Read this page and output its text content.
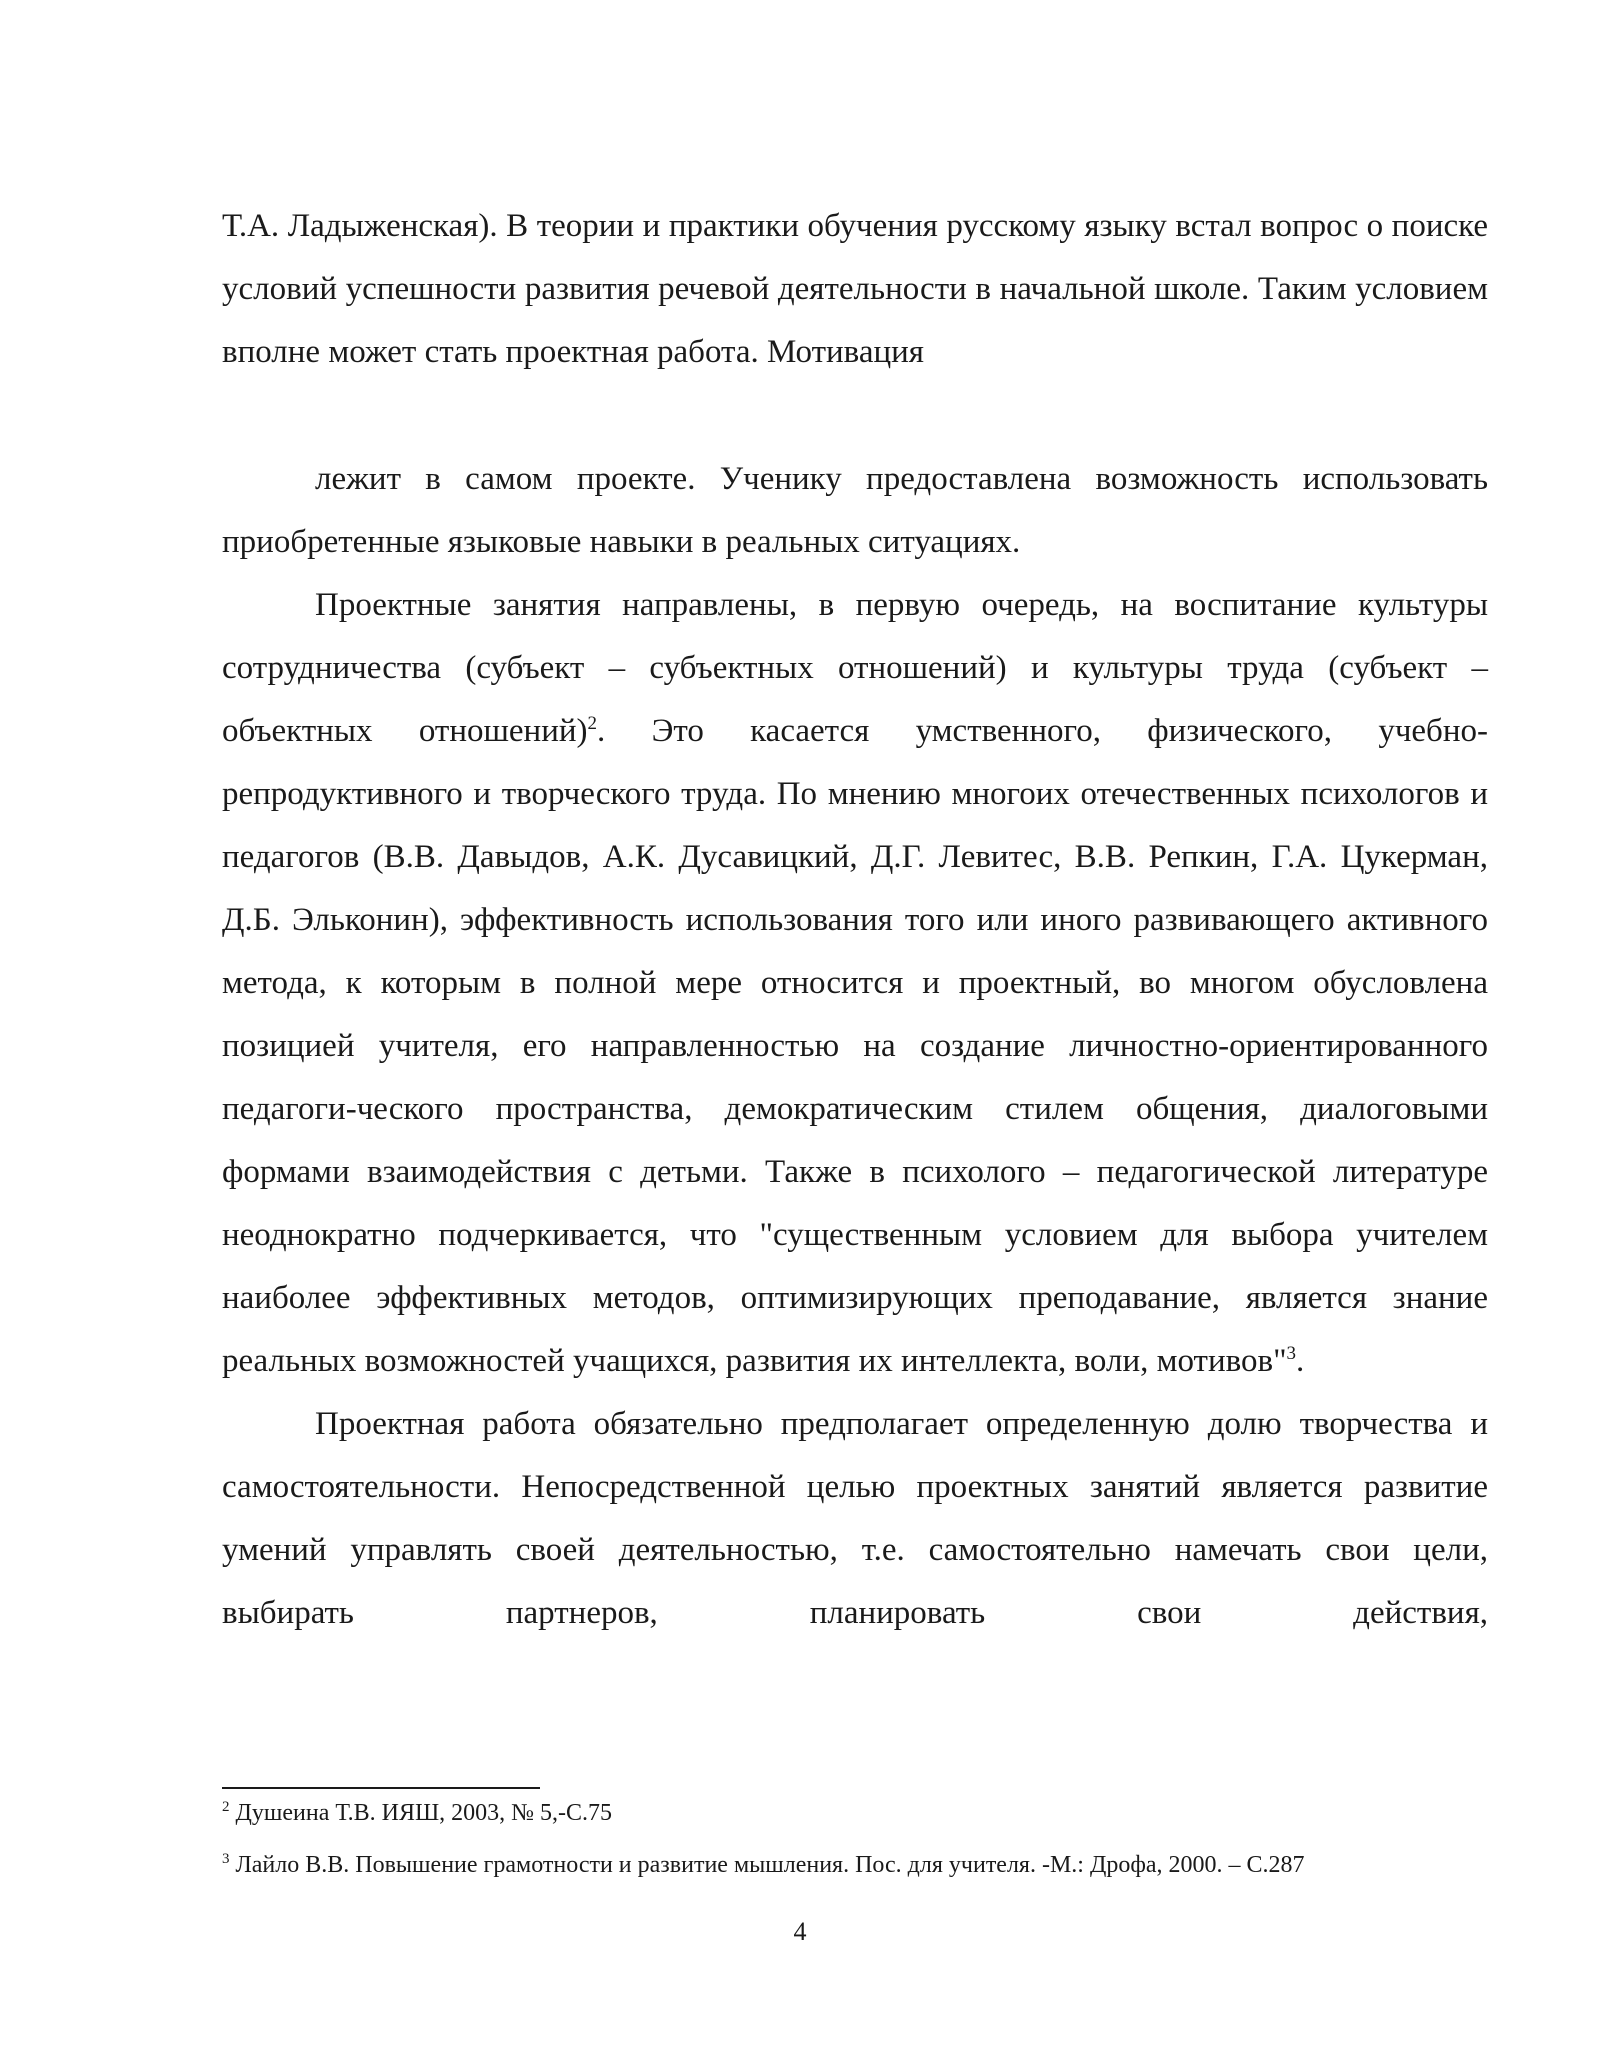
Т.А. Ладыженская). В теории и практики обучения русскому языку встал вопрос о поиске условий успешности развития речевой деятельности в начальной школе. Таким условием вполне может стать проектная работа. Мотивация

лежит в самом проекте. Ученику предоставлена возможность использовать приобретенные языковые навыки в реальных ситуациях.

Проектные занятия направлены, в первую очередь, на воспитание культуры сотрудничества (субъект – субъектных отношений) и культуры труда (субъект – объектных отношений)$^2$. Это касается умственного, физического, учебно-репродуктивного и творческого труда. По мнению многоих отечественных психологов и педагогов (В.В. Давыдов, А.К. Дусавицкий, Д.Г. Левитес, В.В. Репкин, Г.А. Цукерман, Д.Б. Эльконин), эффективность использования того или иного развивающего активного метода, к которым в полной мере относится и проектный, во многом обусловлена позицией учителя, его направленностью на создание личностно-ориентированного педагоги-ческого пространства, демократическим стилем общения, диалоговыми формами взаимодействия с детьми. Также в психолого – педагогической литературе неоднократно подчеркивается, что "существенным условием для выбора учителем наиболее эффективных методов, оптимизирующих преподавание, является знание реальных возможностей учащихся, развития их интеллекта, воли, мотивов"$^3$.

Проектная работа обязательно предполагает определенную долю творчества и самостоятельности. Непосредственной целью проектных занятий является развитие умений управлять своей деятельностью, т.е. самостоятельно намечать свои цели, выбирать партнеров, планировать свои действия,

$^2$ Душеина Т.В. ИЯШ, 2003, № 5,-С.75

$^3$ Лайло В.В. Повышение грамотности и развитие мышления. Пос. для учителя. -М.: Дрофа, 2000. – С.287

4
